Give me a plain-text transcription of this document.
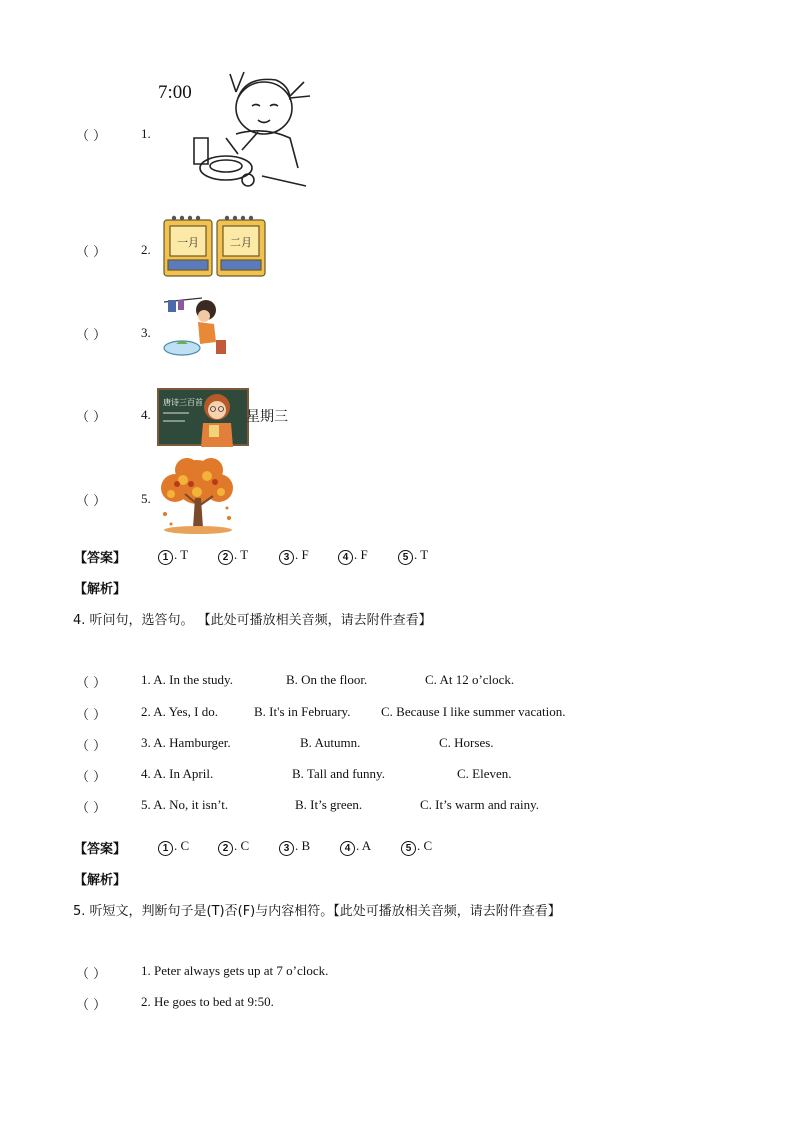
7:00
（ ）	1.
（ ）	2. 一月	二月
（ ）	3.
（ ）	4.
唐诗三百首
星期三
（ ）	5.
【答案】	1 . T	2 . T	3 . F	4 . F	5 . T
【解析】
4. 听问句，选答句。 【此处可播放相关音频，请去附件查看】
（ ）	1. A. In the study.	B. On the floor.	C. At 12 o’clock.
（ ）	2. A. Yes, I do.	B. It's in February. C. Because I like summer vacation.
（ ）	3. A. Hamburger.	B. Autumn.	C. Horses.
（ ）	4. A. In April.	B. Tall and funny.	C. Eleven.
（ ）	5. A. No, it isn’t.	B. It’s green.	C. It’s warm and rainy.
【答案】	1 . C	2 . C	3 . B	4 . A	5 . C
【解析】
5. 听短文，判断句子是(T)否(F)与内容相符。【此处可播放相关音频，请去附件查看】
（ ）	1. Peter always gets up at 7 o’clock.
（ ）	2. He goes to bed at 9:50.
